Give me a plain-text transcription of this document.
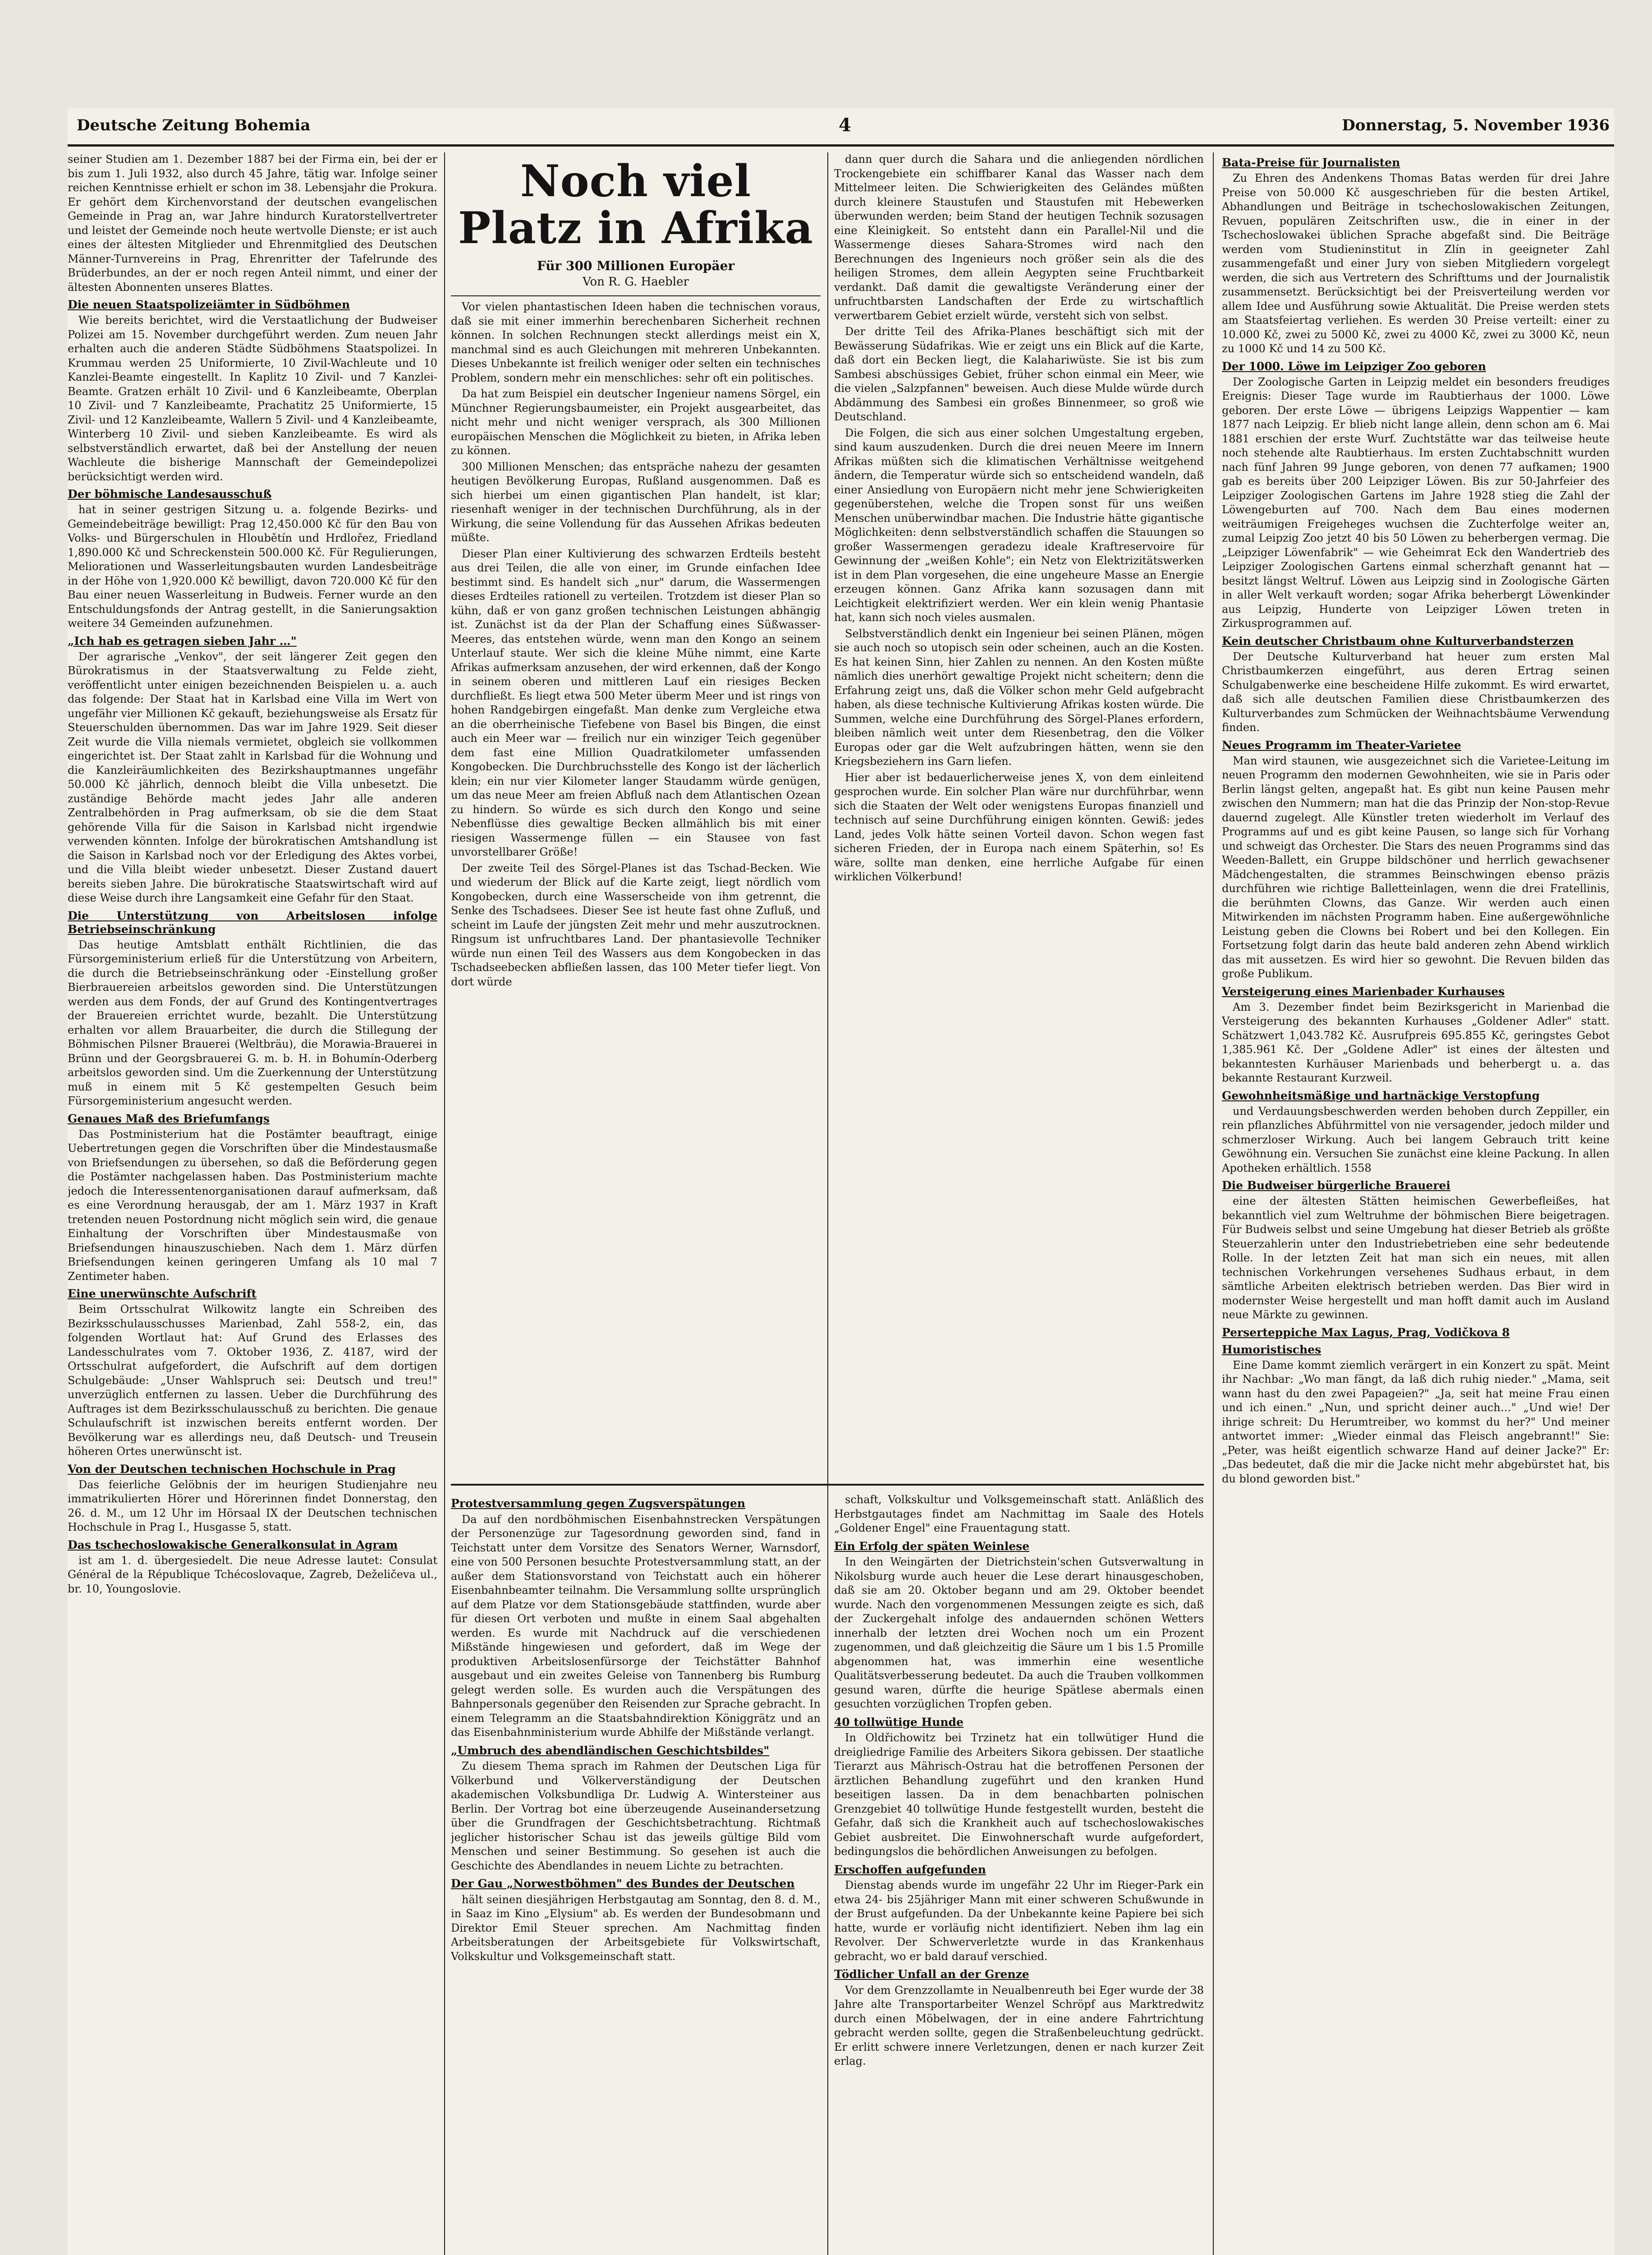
Deutsche Zeitung Bohemia	4	Donnerstag, 5. November 1936

seiner Studien am 1. Dezember 1887 bei der Firma ein, bei der er bis zum 1. Juli 1932, also durch 45 Jahre, tätig war. Infolge seiner reichen Kenntnisse erhielt er schon im 38. Lebensjahr die Prokura. Er gehört dem Kirchenvorstand der deutschen evangelischen Gemeinde in Prag an, war Jahre hindurch Kuratorstellvertreter und leistet der Gemeinde noch heute wertvolle Dienste; er ist auch eines der ältesten Mitglieder und Ehrenmitglied des Deutschen Männer-Turnvereins in Prag, Ehrenritter der Tafelrunde des Brüderbundes, an der er noch regen Anteil nimmt, und einer der ältesten Abonnenten unseres Blattes.

Die neuen Staatspolizeiämter in Südböhmen

Wie bereits berichtet, wird die Verstaatlichung der Budweiser Polizei am 15. November durchgeführt werden. Zum neuen Jahr erhalten auch die anderen Städte Südböhmens Staatspolizei. In Krummau werden 25 Uniformierte, 10 Zivil-Wachleute und 10 Kanzlei-Beamte eingestellt. In Kaplitz 10 Zivil- und 7 Kanzlei-Beamte. Gratzen erhält 10 Zivil- und 6 Kanzleibeamte, Oberplan 10 Zivil- und 7 Kanzleibeamte, Prachatitz 25 Uniformierte, 15 Zivil- und 12 Kanzleibeamte, Wallern 5 Zivil- und 4 Kanzleibeamte, Winterberg 10 Zivil- und sieben Kanzleibeamte. Es wird als selbstverständlich erwartet, daß bei der Anstellung der neuen Wachleute die bisherige Mannschaft der Gemeindepolizei berücksichtigt werden wird.

Der böhmische Landesausschuß

hat in seiner gestrigen Sitzung u. a. folgende Bezirks- und Gemeindebeiträge bewilligt: Prag 12,450.000 Kč für den Bau von Volks- und Bürgerschulen in Hloubětín und Hrdlořez, Friedland 1,890.000 Kč und Schreckenstein 500.000 Kč. Für Regulierungen, Meliorationen und Wasserleitungsbauten wurden Landesbeiträge in der Höhe von 1,920.000 Kč bewilligt, davon 720.000 Kč für den Bau einer neuen Wasserleitung in Budweis. Ferner wurde an den Entschuldungsfonds der Antrag gestellt, in die Sanierungsaktion weitere 34 Gemeinden aufzunehmen.

„Ich hab es getragen sieben Jahr …"

Der agrarische „Venkov", der seit längerer Zeit gegen den Bürokratismus in der Staatsverwaltung zu Felde zieht, veröffentlicht unter einigen bezeichnenden Beispielen u. a. auch das folgende: Der Staat hat in Karlsbad eine Villa im Wert von ungefähr vier Millionen Kč gekauft, beziehungsweise als Ersatz für Steuerschulden übernommen. Das war im Jahre 1929. Seit dieser Zeit wurde die Villa niemals vermietet, obgleich sie vollkommen eingerichtet ist. Der Staat zahlt in Karlsbad für die Wohnung und die Kanzleiräumlichkeiten des Bezirkshauptmannes ungefähr 50.000 Kč jährlich, dennoch bleibt die Villa unbesetzt. Die zuständige Behörde macht jedes Jahr alle anderen Zentralbehörden in Prag aufmerksam, ob sie die dem Staat gehörende Villa für die Saison in Karlsbad nicht irgendwie verwenden könnten. Infolge der bürokratischen Amtshandlung ist die Saison in Karlsbad noch vor der Erledigung des Aktes vorbei, und die Villa bleibt wieder unbesetzt. Dieser Zustand dauert bereits sieben Jahre. Die bürokratische Staatswirtschaft wird auf diese Weise durch ihre Langsamkeit eine Gefahr für den Staat.

Die Unterstützung von Arbeitslosen infolge Betriebseinschränkung

Das heutige Amtsblatt enthält Richtlinien, die das Fürsorgeministerium erließ für die Unterstützung von Arbeitern, die durch die Betriebseinschränkung oder -Einstellung großer Bierbrauereien arbeitslos geworden sind. Die Unterstützungen werden aus dem Fonds, der auf Grund des Kontingentvertrages der Brauereien errichtet wurde, bezahlt. Die Unterstützung erhalten vor allem Brauarbeiter, die durch die Stillegung der Böhmischen Pilsner Brauerei (Weltbräu), die Morawia-Brauerei in Brünn und der Georgsbrauerei G. m. b. H. in Bohumín-Oderberg arbeitslos geworden sind. Um die Zuerkennung der Unterstützung muß in einem mit 5 Kč gestempelten Gesuch beim Fürsorgeministerium angesucht werden.

Genaues Maß des Briefumfangs

Das Postministerium hat die Postämter beauftragt, einige Uebertretungen gegen die Vorschriften über die Mindestausmaße von Briefsendungen zu übersehen, so daß die Beförderung gegen die Postämter nachgelassen haben. Das Postministerium machte jedoch die Interessentenorganisationen darauf aufmerksam, daß es eine Verordnung herausgab, der am 1. März 1937 in Kraft tretenden neuen Postordnung nicht möglich sein wird, die genaue Einhaltung der Vorschriften über Mindestausmaße von Briefsendungen hinauszuschieben. Nach dem 1. März dürfen Briefsendungen keinen geringeren Umfang als 10 mal 7 Zentimeter haben.

Eine unerwünschte Aufschrift

Beim Ortsschulrat Wilkowitz langte ein Schreiben des Bezirksschulausschusses Marienbad, Zahl 558-2, ein, das folgenden Wortlaut hat: Auf Grund des Erlasses des Landesschulrates vom 7. Oktober 1936, Z. 4187, wird der Ortsschulrat aufgefordert, die Aufschrift auf dem dortigen Schulgebäude: „Unser Wahlspruch sei: Deutsch und treu!" unverzüglich entfernen zu lassen. Ueber die Durchführung des Auftrages ist dem Bezirksschulausschuß zu berichten. Die genaue Schulaufschrift ist inzwischen bereits entfernt worden. Der Bevölkerung war es allerdings neu, daß Deutsch- und Treusein höheren Ortes unerwünscht ist.

Von der Deutschen technischen Hochschule in Prag

Das feierliche Gelöbnis der im heurigen Studienjahre neu immatrikulierten Hörer und Hörerinnen findet Donnerstag, den 26. d. M., um 12 Uhr im Hörsaal IX der Deutschen technischen Hochschule in Prag I., Husgasse 5, statt.

Das tschechoslowakische Generalkonsulat in Agram

ist am 1. d. übergesiedelt. Die neue Adresse lautet: Consulat Général de la République Tchécoslovaque, Zagreb, Deželičeva ul., br. 10, Youngoslovie.

Noch viel Platz in Afrika
Für 300 Millionen Europäer
Von R. G. Haebler

Vor vielen phantastischen Ideen haben die technischen voraus, daß sie mit einer immerhin berechenbaren Sicherheit rechnen können. In solchen Rechnungen steckt allerdings meist ein X, manchmal sind es auch Gleichungen mit mehreren Unbekannten. Dieses Unbekannte ist freilich weniger oder selten ein technisches Problem, sondern mehr ein menschliches: sehr oft ein politisches.

Da hat zum Beispiel ein deutscher Ingenieur namens Sörgel, ein Münchner Regierungsbaumeister, ein Projekt ausgearbeitet, das nicht mehr und nicht weniger versprach, als 300 Millionen europäischen Menschen die Möglichkeit zu bieten, in Afrika leben zu können.

300 Millionen Menschen; das entspräche nahezu der gesamten heutigen Bevölkerung Europas, Rußland ausgenommen. Daß es sich hierbei um einen gigantischen Plan handelt, ist klar; riesenhaft weniger in der technischen Durchführung, als in der Wirkung, die seine Vollendung für das Aussehen Afrikas bedeuten müßte.

Dieser Plan einer Kultivierung des schwarzen Erdteils besteht aus drei Teilen, die alle von einer, im Grunde einfachen Idee bestimmt sind. Es handelt sich „nur" darum, die Wassermengen dieses Erdteiles rationell zu verteilen. Trotzdem ist dieser Plan so kühn, daß er von ganz großen technischen Leistungen abhängig ist. Zunächst ist da der Plan der Schaffung eines Süßwasser-Meeres, das entstehen würde, wenn man den Kongo an seinem Unterlauf staute. Wer sich die kleine Mühe nimmt, eine Karte Afrikas aufmerksam anzusehen, der wird erkennen, daß der Kongo in seinem oberen und mittleren Lauf ein riesiges Becken durchfließt. Es liegt etwa 500 Meter überm Meer und ist rings von hohen Randgebirgen eingefaßt. Man denke zum Vergleiche etwa an die oberrheinische Tiefebene von Basel bis Bingen, die einst auch ein Meer war — freilich nur ein winziger Teich gegenüber dem fast eine Million Quadratkilometer umfassenden Kongobecken. Die Durchbruchsstelle des Kongo ist der lächerlich klein; ein nur vier Kilometer langer Staudamm würde genügen, um das neue Meer am freien Abfluß nach dem Atlantischen Ozean zu hindern. So würde es sich durch den Kongo und seine Nebenflüsse dies gewaltige Becken allmählich bis mit einer riesigen Wassermenge füllen — ein Stausee von fast unvorstellbarer Größe!

Der zweite Teil des Sörgel-Planes ist das Tschad-Becken. Wie und wiederum der Blick auf die Karte zeigt, liegt nördlich vom Kongobecken, durch eine Wasserscheide von ihm getrennt, die Senke des Tschadsees. Dieser See ist heute fast ohne Zufluß, und scheint im Laufe der jüngsten Zeit mehr und mehr auszutrocknen. Ringsum ist unfruchtbares Land. Der phantasievolle Techniker würde nun einen Teil des Wassers aus dem Kongobecken in das Tschadseebecken abfließen lassen, das 100 Meter tiefer liegt. Von dort würde

dann quer durch die Sahara und die anliegenden nördlichen Trockengebiete ein schiffbarer Kanal das Wasser nach dem Mittelmeer leiten. Die Schwierigkeiten des Geländes müßten durch kleinere Staustufen und Staustufen mit Hebewerken überwunden werden; beim Stand der heutigen Technik sozusagen eine Kleinigkeit. So entsteht dann ein Parallel-Nil und die Wassermenge dieses Sahara-Stromes wird nach den Berechnungen des Ingenieurs noch größer sein als die des heiligen Stromes, dem allein Aegypten seine Fruchtbarkeit verdankt. Daß damit die gewaltigste Veränderung einer der unfruchtbarsten Landschaften der Erde zu wirtschaftlich verwertbarem Gebiet erzielt würde, versteht sich von selbst.

Der dritte Teil des Afrika-Planes beschäftigt sich mit der Bewässerung Südafrikas. Wie er zeigt uns ein Blick auf die Karte, daß dort ein Becken liegt, die Kalahariwüste. Sie ist bis zum Sambesi abschüssiges Gebiet, früher schon einmal ein Meer, wie die vielen „Salzpfannen" beweisen. Auch diese Mulde würde durch Abdämmung des Sambesi ein großes Binnenmeer, so groß wie Deutschland.

Die Folgen, die sich aus einer solchen Umgestaltung ergeben, sind kaum auszudenken. Durch die drei neuen Meere im Innern Afrikas müßten sich die klimatischen Verhältnisse weitgehend ändern, die Temperatur würde sich so entscheidend wandeln, daß einer Ansiedlung von Europäern nicht mehr jene Schwierigkeiten gegenüberstehen, welche die Tropen sonst für uns weißen Menschen unüberwindbar machen. Die Industrie hätte gigantische Möglichkeiten: denn selbstverständlich schaffen die Stauungen so großer Wassermengen geradezu ideale Kraftreservoire für Gewinnung der „weißen Kohle"; ein Netz von Elektrizitätswerken ist in dem Plan vorgesehen, die eine ungeheure Masse an Energie erzeugen können. Ganz Afrika kann sozusagen dann mit Leichtigkeit elektrifiziert werden. Wer ein klein wenig Phantasie hat, kann sich noch vieles ausmalen.

Selbstverständlich denkt ein Ingenieur bei seinen Plänen, mögen sie auch noch so utopisch sein oder scheinen, auch an die Kosten. Es hat keinen Sinn, hier Zahlen zu nennen. An den Kosten müßte nämlich dies unerhört gewaltige Projekt nicht scheitern; denn die Erfahrung zeigt uns, daß die Völker schon mehr Geld aufgebracht haben, als diese technische Kultivierung Afrikas kosten würde. Die Summen, welche eine Durchführung des Sörgel-Planes erfordern, bleiben nämlich weit unter dem Riesenbetrag, den die Völker Europas oder gar die Welt aufzubringen hätten, wenn sie den Kriegsbeziehern ins Garn liefen.

Hier aber ist bedauerlicherweise jenes X, von dem einleitend gesprochen wurde. Ein solcher Plan wäre nur durchführbar, wenn sich die Staaten der Welt oder wenigstens Europas finanziell und technisch auf seine Durchführung einigen könnten. Gewiß: jedes Land, jedes Volk hätte seinen Vorteil davon. Schon wegen fast sicheren Frieden, der in Europa nach einem Späterhin, so! Es wäre, sollte man denken, eine herrliche Aufgabe für einen wirklichen Völkerbund!

Protestversammlung gegen Zugsverspätungen

Da auf den nordböhmischen Eisenbahnstrecken Verspätungen der Personenzüge zur Tagesordnung geworden sind, fand in Teichstatt unter dem Vorsitze des Senators Werner, Warnsdorf, eine von 500 Personen besuchte Protestversammlung statt, an der außer dem Stationsvorstand von Teichstatt auch ein höherer Eisenbahnbeamter teilnahm. Die Versammlung sollte ursprünglich auf dem Platze vor dem Stationsgebäude stattfinden, wurde aber für diesen Ort verboten und mußte in einem Saal abgehalten werden. Es wurde mit Nachdruck auf die verschiedenen Mißstände hingewiesen und gefordert, daß im Wege der produktiven Arbeitslosenfürsorge der Teichstätter Bahnhof ausgebaut und ein zweites Geleise von Tannenberg bis Rumburg gelegt werden solle. Es wurden auch die Verspätungen des Bahnpersonals gegenüber den Reisenden zur Sprache gebracht. In einem Telegramm an die Staatsbahndirektion Königgrätz und an das Eisenbahnministerium wurde Abhilfe der Mißstände verlangt.

„Umbruch des abendländischen Geschichtsbildes"

Zu diesem Thema sprach im Rahmen der Deutschen Liga für Völkerbund und Völkerverständigung der Deutschen akademischen Volksbundliga Dr. Ludwig A. Wintersteiner aus Berlin. Der Vortrag bot eine überzeugende Auseinandersetzung über die Grundfragen der Geschichtsbetrachtung. Richtmaß jeglicher historischer Schau ist das jeweils gültige Bild vom Menschen und seiner Bestimmung. So gesehen ist auch die Geschichte des Abendlandes in neuem Lichte zu betrachten.

Der Gau „Norwestböhmen" des Bundes der Deutschen

hält seinen diesjährigen Herbstgautag am Sonntag, den 8. d. M., in Saaz im Kino „Elysium" ab. Es werden der Bundesobmann und Direktor Emil Steuer sprechen. Am Nachmittag finden Arbeitsberatungen der Arbeitsgebiete für Volkswirtschaft, Volkskultur und Volksgemeinschaft statt.

schaft, Volkskultur und Volksgemeinschaft statt. Anläßlich des Herbstgautages findet am Nachmittag im Saale des Hotels „Goldener Engel" eine Frauentagung statt.

Ein Erfolg der späten Weinlese

In den Weingärten der Dietrichstein'schen Gutsverwaltung in Nikolsburg wurde auch heuer die Lese derart hinausgeschoben, daß sie am 20. Oktober begann und am 29. Oktober beendet wurde. Nach den vorgenommenen Messungen zeigte es sich, daß der Zuckergehalt infolge des andauernden schönen Wetters innerhalb der letzten drei Wochen noch um ein Prozent zugenommen, und daß gleichzeitig die Säure um 1 bis 1.5 Promille abgenommen hat, was immerhin eine wesentliche Qualitätsverbesserung bedeutet. Da auch die Trauben vollkommen gesund waren, dürfte die heurige Spätlese abermals einen gesuchten vorzüglichen Tropfen geben.

40 tollwütige Hunde

In Oldřichowitz bei Trzinetz hat ein tollwütiger Hund die dreigliedrige Familie des Arbeiters Sikora gebissen. Der staatliche Tierarzt aus Mährisch-Ostrau hat die betroffenen Personen der ärztlichen Behandlung zugeführt und den kranken Hund beseitigen lassen. Da in dem benachbarten polnischen Grenzgebiet 40 tollwütige Hunde festgestellt wurden, besteht die Gefahr, daß sich die Krankheit auch auf tschechoslowakisches Gebiet ausbreitet. Die Einwohnerschaft wurde aufgefordert, bedingungslos die behördlichen Anweisungen zu befolgen.

Erschoffen aufgefunden

Dienstag abends wurde im ungefähr 22 Uhr im Rieger-Park ein etwa 24- bis 25jähriger Mann mit einer schweren Schußwunde in der Brust aufgefunden. Da der Unbekannte keine Papiere bei sich hatte, wurde er vorläufig nicht identifiziert. Neben ihm lag ein Revolver. Der Schwerverletzte wurde in das Krankenhaus gebracht, wo er bald darauf verschied.

Tödlicher Unfall an der Grenze

Vor dem Grenzzollamte in Neualbenreuth bei Eger wurde der 38 Jahre alte Transportarbeiter Wenzel Schröpf aus Marktredwitz durch einen Möbelwagen, der in eine andere Fahrtrichtung gebracht werden sollte, gegen die Straßenbeleuchtung gedrückt. Er erlitt schwere innere Verletzungen, denen er nach kurzer Zeit erlag.

Bata-Preise für Journalisten

Zu Ehren des Andenkens Thomas Batas werden für drei Jahre Preise von 50.000 Kč ausgeschrieben für die besten Artikel, Abhandlungen und Beiträge in tschechoslowakischen Zeitungen, Revuen, populären Zeitschriften usw., die in einer in der Tschechoslowakei üblichen Sprache abgefaßt sind. Die Beiträge werden vom Studieninstitut in Zlín in geeigneter Zahl zusammengefaßt und einer Jury von sieben Mitgliedern vorgelegt werden, die sich aus Vertretern des Schrifttums und der Journalistik zusammensetzt. Berücksichtigt bei der Preisverteilung werden vor allem Idee und Ausführung sowie Aktualität. Die Preise werden stets am Staatsfeiertag verliehen. Es werden 30 Preise verteilt: einer zu 10.000 Kč, zwei zu 5000 Kč, zwei zu 4000 Kč, zwei zu 3000 Kč, neun zu 1000 Kč und 14 zu 500 Kč.

Der 1000. Löwe im Leipziger Zoo geboren

Der Zoologische Garten in Leipzig meldet ein besonders freudiges Ereignis: Dieser Tage wurde im Raubtierhaus der 1000. Löwe geboren. Der erste Löwe — übrigens Leipzigs Wappentier — kam 1877 nach Leipzig. Er blieb nicht lange allein, denn schon am 6. Mai 1881 erschien der erste Wurf. Zuchtstätte war das teilweise heute noch stehende alte Raubtierhaus. Im ersten Zuchtabschnitt wurden nach fünf Jahren 99 Junge geboren, von denen 77 aufkamen; 1900 gab es bereits über 200 Leipziger Löwen. Bis zur 50-Jahrfeier des Leipziger Zoologischen Gartens im Jahre 1928 stieg die Zahl der Löwengeburten auf 700. Nach dem Bau eines modernen weiträumigen Freigeheges wuchsen die Zuchterfolge weiter an, zumal Leipzig Zoo jetzt 40 bis 50 Löwen zu beherbergen vermag. Die „Leipziger Löwenfabrik" — wie Geheimrat Eck den Wandertrieb des Leipziger Zoologischen Gartens einmal scherzhaft genannt hat — besitzt längst Weltruf. Löwen aus Leipzig sind in Zoologische Gärten in aller Welt verkauft worden; sogar Afrika beherbergt Löwenkinder aus Leipzig, Hunderte von Leipziger Löwen treten in Zirkusprogrammen auf.

Kein deutscher Christbaum ohne Kulturverbandsterzen

Der Deutsche Kulturverband hat heuer zum ersten Mal Christbaumkerzen eingeführt, aus deren Ertrag seinen Schulgabenwerke eine bescheidene Hilfe zukommt. Es wird erwartet, daß sich alle deutschen Familien diese Christbaumkerzen des Kulturverbandes zum Schmücken der Weihnachtsbäume Verwendung finden.

Neues Programm im Theater-Varietee

Man wird staunen, wie ausgezeichnet sich die Varietee-Leitung im neuen Programm den modernen Gewohnheiten, wie sie in Paris oder Berlin längst gelten, angepaßt hat. Es gibt nun keine Pausen mehr zwischen den Nummern; man hat die das Prinzip der Non-stop-Revue dauernd zugelegt. Alle Künstler treten wiederholt im Verlauf des Programms auf und es gibt keine Pausen, so lange sich für Vorhang und schweigt das Orchester. Die Stars des neuen Programms sind das Weeden-Ballett, ein Gruppe bildschöner und herrlich gewachsener Mädchengestalten, die strammes Beinschwingen ebenso präzis durchführen wie richtige Balletteinlagen, wenn die drei Fratellinis, die berühmten Clowns, das Ganze. Wir werden auch einen Mitwirkenden im nächsten Programm haben. Eine außergewöhnliche Leistung geben die Clowns bei Robert und bei den Kollegen. Ein Fortsetzung folgt darin das heute bald anderen zehn Abend wirklich das mit aussetzen. Es wird hier so gewohnt. Die Revuen bilden das große Publikum.

Versteigerung eines Marienbader Kurhauses

Am 3. Dezember findet beim Bezirksgericht in Marienbad die Versteigerung des bekannten Kurhauses „Goldener Adler" statt. Schätzwert 1,043.782 Kč. Ausrufpreis 695.855 Kč, geringstes Gebot 1,385.961 Kč. Der „Goldene Adler" ist eines der ältesten und bekanntesten Kurhäuser Marienbads und beherbergt u. a. das bekannte Restaurant Kurzweil.

Gewohnheitsmäßige und hartnäckige Verstopfung

und Verdauungsbeschwerden werden behoben durch Zeppiller, ein rein pflanzliches Abführmittel von nie versagender, jedoch milder und schmerzloser Wirkung. Auch bei langem Gebrauch tritt keine Gewöhnung ein. Versuchen Sie zunächst eine kleine Packung. In allen Apotheken erhältlich. 1558

Die Budweiser bürgerliche Brauerei

eine der ältesten Stätten heimischen Gewerbefleißes, hat bekanntlich viel zum Weltruhme der böhmischen Biere beigetragen. Für Budweis selbst und seine Umgebung hat dieser Betrieb als größte Steuerzahlerin unter den Industriebetrieben eine sehr bedeutende Rolle. In der letzten Zeit hat man sich ein neues, mit allen technischen Vorkehrungen versehenes Sudhaus erbaut, in dem sämtliche Arbeiten elektrisch betrieben werden. Das Bier wird in modernster Weise hergestellt und man hofft damit auch im Ausland neue Märkte zu gewinnen.

Perserteppiche Max Lagus, Prag, Vodičkova 8
Humoristisches

Eine Dame kommt ziemlich verärgert in ein Konzert zu spät. Meint ihr Nachbar: „Wo man fängt, da laß dich ruhig nieder." „Mama, seit wann hast du den zwei Papageien?" „Ja, seit hat meine Frau einen und ich einen." „Nun, und spricht deiner auch…" „Und wie! Der ihrige schreit: Du Herumtreiber, wo kommst du her?" Und meiner antwortet immer: „Wieder einmal das Fleisch angebrannt!" Sie: „Peter, was heißt eigentlich schwarze Hand auf deiner Jacke?" Er: „Das bedeutet, daß die mir die Jacke nicht mehr abgebürstet hat, bis du blond geworden bist."
